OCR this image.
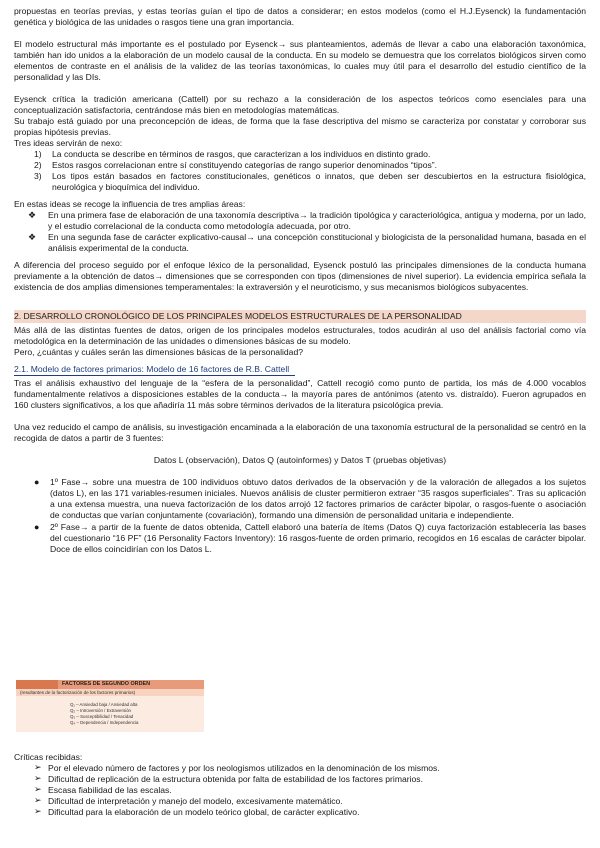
propuestas en teorías previas, y estas teorías guían el tipo de datos a considerar; en estos modelos (como el H.J.Eysenck) la fundamentación genética y biológica de las unidades o rasgos tiene una gran importancia.

El modelo estructural más importante es el postulado por Eysenck→ sus planteamientos, además de llevar a cabo una elaboración taxonómica, también han ido unidos a la elaboración de un modelo causal de la conducta. En su modelo se demuestra que los correlatos biológicos sirven como elementos de contraste en el análisis de la validez de las teorías taxonómicas, lo cuales muy útil para el desarrollo del estudio científico de la personalidad y las DIs.

Eysenck crítica la tradición americana (Cattell) por su rechazo a la consideración de los aspectos teóricos como esenciales para una conceptualización satisfactoria, centrándose más bien en metodologías matemáticas.

Su trabajo está guiado por una preconcepción de ideas, de forma que la fase descriptiva del mismo se caracteriza por constatar y corroborar sus propias hipótesis previas.

Tres ideas servirán de nexo:

1) La conducta se describe en términos de rasgos, que caracterizan a los individuos en distinto grado.
2) Estos rasgos correlacionan entre sí constituyendo categorías de rango superior denominados “tipos”.
3) Los tipos están basados en factores constitucionales, genéticos o innatos, que deben ser descubiertos en la estructura fisiológica, neurológica y bioquímica del individuo.

En estas ideas se recoge la influencia de tres amplias áreas:

❖ En una primera fase de elaboración de una taxonomía descriptiva→ la tradición tipológica y caracteriológica, antigua y moderna, por un lado, y el estudio correlacional de la conducta como metodología adecuada, por otro.
❖ En una segunda fase de carácter explicativo-causal→ una concepción constitucional y biologicista de la personalidad humana, basada en el análisis experimental de la conducta.

A diferencia del proceso seguido por el enfoque léxico de la personalidad, Eysenck postuló las principales dimensiones de la conducta humana previamente a la obtención de datos→ dimensiones que se corresponden con tipos (dimensiones de nivel superior). La evidencia empírica señala la existencia de dos amplias dimensiones temperamentales: la extraversión y el neuroticismo, y sus mecanismos biológicos subyacentes.

2. DESARROLLO CRONOLÓGICO DE LOS PRINCIPALES MODELOS ESTRUCTURALES DE LA PERSONALIDAD

Más allá de las distintas fuentes de datos, origen de los principales modelos estructurales, todos acudirán al uso del análisis factorial como vía metodológica en la determinación de las unidades o dimensiones básicas de su modelo.

Pero, ¿cuántas y cuáles serán las dimensiones básicas de la personalidad?

2.1. Modelo de factores primarios: Modelo de 16 factores de R.B. Cattell

Tras el análisis exhaustivo del lenguaje de la “esfera de la personalidad”, Cattell recogió como punto de partida, los más de 4.000 vocablos fundamentalmente relativos a disposiciones estables de la conducta→ la mayoría pares de antónimos (atento vs. distraído). Fueron agrupados en 160 clusters significativos, a los que añadiría 11 más sobre términos derivados de la literatura psicológica previa.

Una vez reducido el campo de análisis, su investigación encaminada a la elaboración de una taxonomía estructural de la personalidad se centró en la recogida de datos a partir de 3 fuentes:

Datos L (observación), Datos Q (autoinformes) y Datos T (pruebas objetivas)

● 1º Fase→ sobre una muestra de 100 individuos obtuvo datos derivados de la observación y de la valoración de allegados a los sujetos (datos L), en las 171 variables-resumen iniciales. Nuevos análisis de cluster permitieron extraer “35 rasgos superficiales”. Tras su aplicación a una extensa muestra, una nueva factorización de los datos arrojó 12 factores primarios de carácter bipolar, o rasgos-fuente o asociación de conductas que varían conjuntamente (covariación), formando una dimensión de personalidad unitaria e independiente.
● 2º Fase→ a partir de la fuente de datos obtenida, Cattell elaboró una batería de ítems (Datos Q) cuya factorización establecería las bases del cuestionario “16 PF” (16 Personality Factors Inventory): 16 rasgos-fuente de orden primario, recogidos en 16 escalas de carácter bipolar. Doce de ellos coincidirían con los Datos L.
FACTORES DE SEGUNDO ORDEN
(resultantes de la factorización de los factores primarios)
Q₁ – Ansiedad baja / Ansiedad alta
Q₂ – Introversión / Extraversión
Q₃ – Susceptibilidad / Tenacidad
Q₄ – Dependencia / Independencia

Críticas recibidas:

➢ Por el elevado número de factores y por los neologismos utilizados en la denominación de los mismos.
➢ Dificultad de replicación de la estructura obtenida por falta de estabilidad de los factores primarios.
➢ Escasa fiabilidad de las escalas.
➢ Dificultad de interpretación y manejo del modelo, excesivamente matemático.
➢ Dificultad para la elaboración de un modelo teórico global, de carácter explicativo.
